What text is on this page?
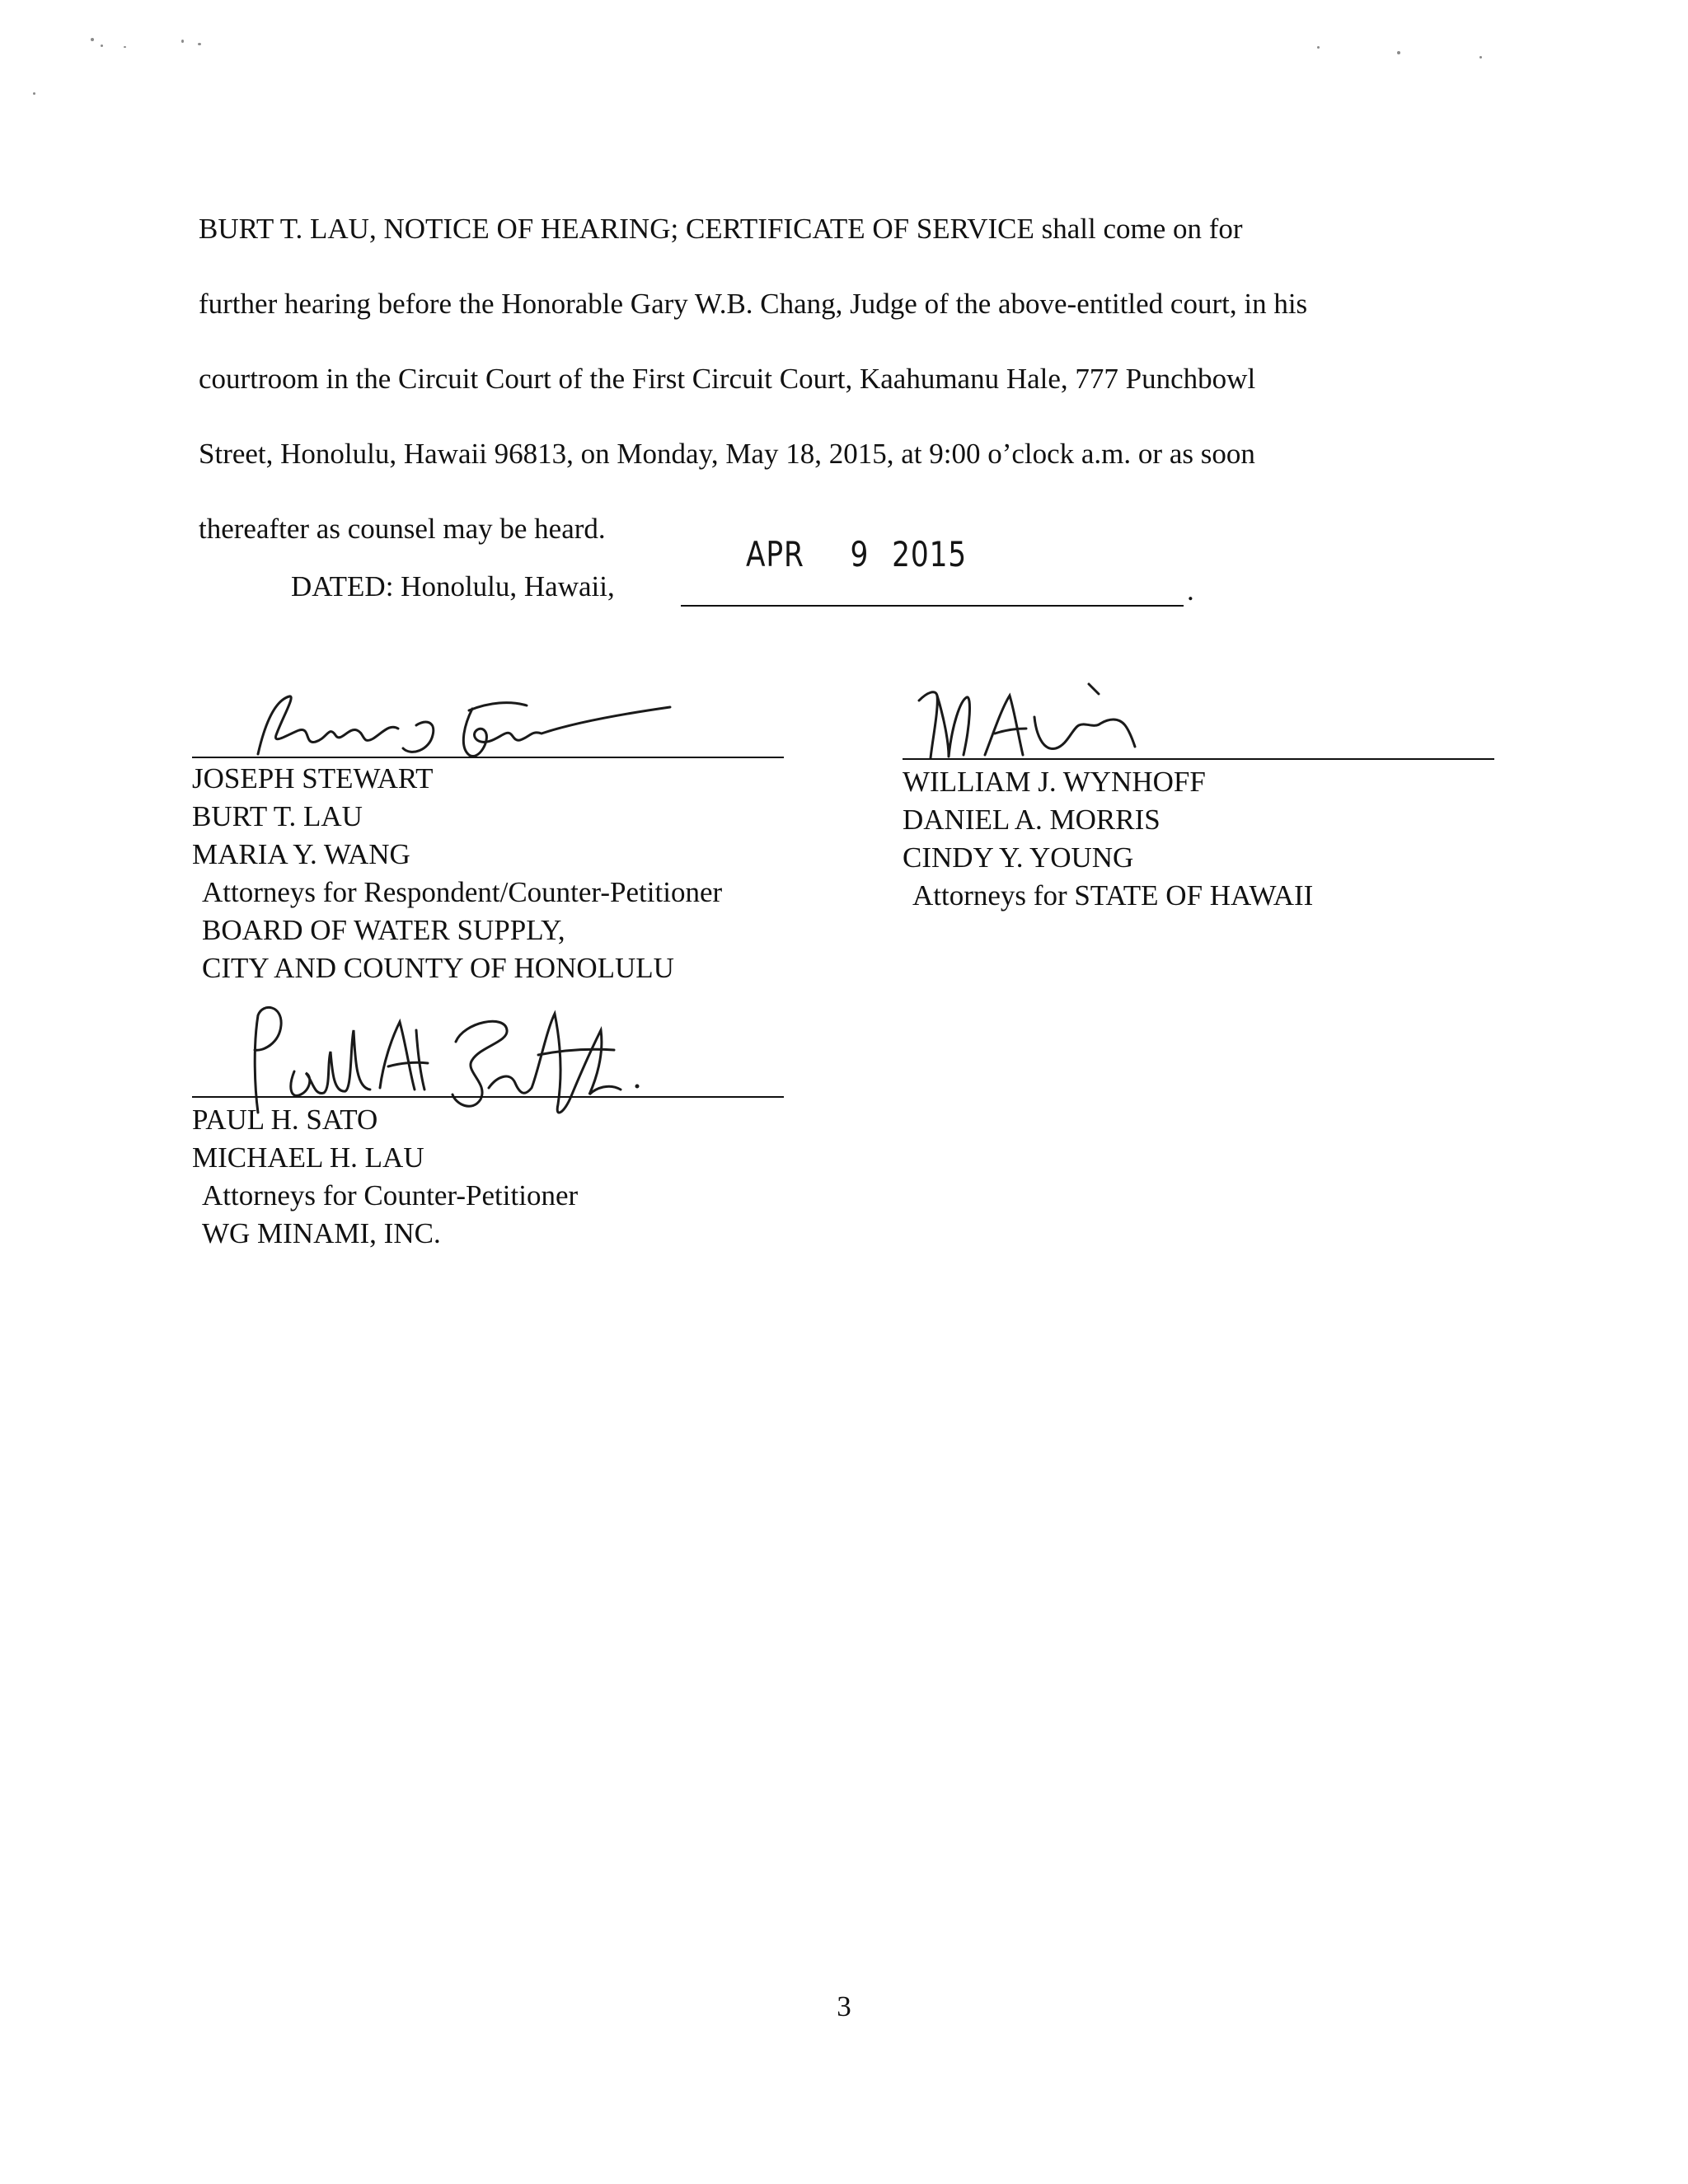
BURT T. LAU, NOTICE OF HEARING; CERTIFICATE OF SERVICE shall come on for
further hearing before the Honorable Gary W.B. Chang, Judge of the above-entitled court, in his
courtroom in the Circuit Court of the First Circuit Court, Kaahumanu Hale, 777 Punchbowl
Street, Honolulu, Hawaii 96813, on Monday, May 18, 2015, at 9:00 o’clock a.m. or as soon
thereafter as counsel may be heard.

APR 9 2015
DATED: Honolulu, Hawaii,	.
JOSEPH STEWART
BURT T. LAU
MARIA Y. WANG
Attorneys for Respondent/Counter-Petitioner
BOARD OF WATER SUPPLY,
CITY AND COUNTY OF HONOLULU
WILLIAM J. WYNHOFF
DANIEL A. MORRIS
CINDY Y. YOUNG
Attorneys for STATE OF HAWAII
PAUL H. SATO
MICHAEL H. LAU
Attorneys for Counter-Petitioner
WG MINAMI, INC.
3
